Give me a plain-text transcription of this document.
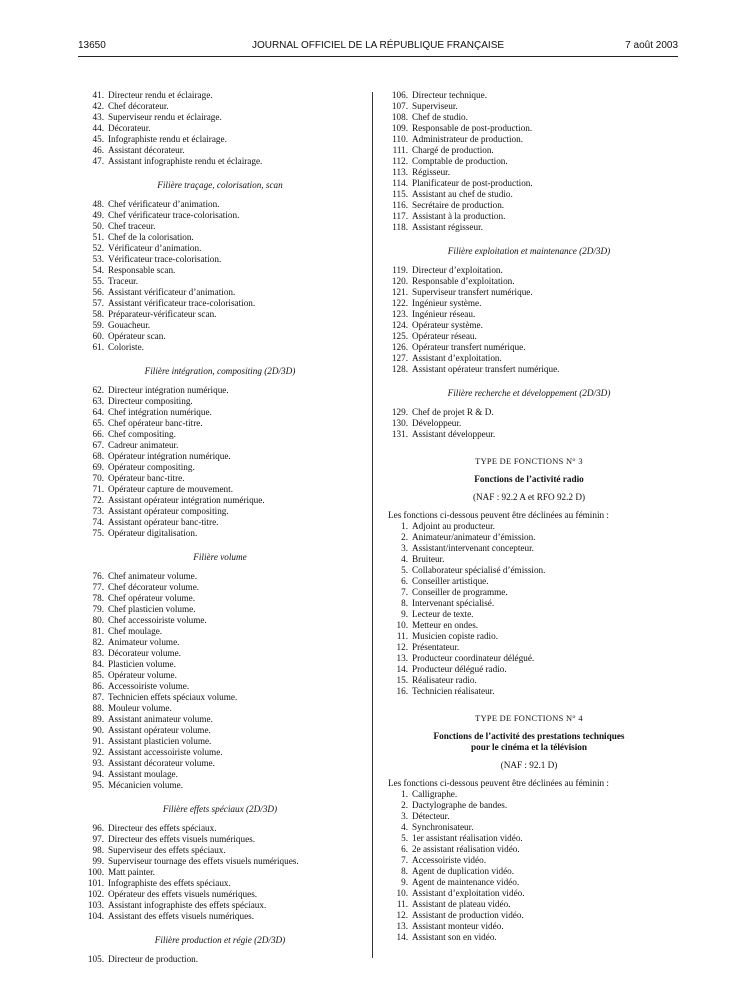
13650	JOURNAL OFFICIEL DE LA RÉPUBLIQUE FRANÇAISE	7 août 2003
41. Directeur rendu et éclairage.
42. Chef décorateur.
43. Superviseur rendu et éclairage.
44. Décorateur.
45. Infographiste rendu et éclairage.
46. Assistant décorateur.
47. Assistant infographiste rendu et éclairage.
Filière traçage, colorisation, scan
48. Chef vérificateur d’animation.
49. Chef vérificateur trace-colorisation.
50. Chef traceur.
51. Chef de la colorisation.
52. Vérificateur d’animation.
53. Vérificateur trace-colorisation.
54. Responsable scan.
55. Traceur.
56. Assistant vérificateur d’animation.
57. Assistant vérificateur trace-colorisation.
58. Préparateur-vérificateur scan.
59. Gouacheur.
60. Opérateur scan.
61. Coloriste.
Filière intégration, compositing (2D/3D)
62. Directeur intégration numérique.
63. Directeur compositing.
64. Chef intégration numérique.
65. Chef opérateur banc-titre.
66. Chef compositing.
67. Cadreur animateur.
68. Opérateur intégration numérique.
69. Opérateur compositing.
70. Opérateur banc-titre.
71. Opérateur capture de mouvement.
72. Assistant opérateur intégration numérique.
73. Assistant opérateur compositing.
74. Assistant opérateur banc-titre.
75. Opérateur digitalisation.
Filière volume
76. Chef animateur volume.
77. Chef décorateur volume.
78. Chef opérateur volume.
79. Chef plasticien volume.
80. Chef accessoiriste volume.
81. Chef moulage.
82. Animateur volume.
83. Décorateur volume.
84. Plasticien volume.
85. Opérateur volume.
86. Accessoiriste volume.
87. Technicien effets spéciaux volume.
88. Mouleur volume.
89. Assistant animateur volume.
90. Assistant opérateur volume.
91. Assistant plasticien volume.
92. Assistant accessoiriste volume.
93. Assistant décorateur volume.
94. Assistant moulage.
95. Mécanicien volume.
Filière effets spéciaux (2D/3D)
96. Directeur des effets spéciaux.
97. Directeur des effets visuels numériques.
98. Superviseur des effets spéciaux.
99. Superviseur tournage des effets visuels numériques.
100. Matt painter.
101. Infographiste des effets spéciaux.
102. Opérateur des effets visuels numériques.
103. Assistant infographiste des effets spéciaux.
104. Assistant des effets visuels numériques.
Filière production et régie (2D/3D)
105. Directeur de production.
106. Directeur technique.
107. Superviseur.
108. Chef de studio.
109. Responsable de post-production.
110. Administrateur de production.
111. Chargé de production.
112. Comptable de production.
113. Régisseur.
114. Planificateur de post-production.
115. Assistant au chef de studio.
116. Secrétaire de production.
117. Assistant à la production.
118. Assistant régisseur.
Filière exploitation et maintenance (2D/3D)
119. Directeur d’exploitation.
120. Responsable d’exploitation.
121. Superviseur transfert numérique.
122. Ingénieur système.
123. Ingénieur réseau.
124. Opérateur système.
125. Opérateur réseau.
126. Opérateur transfert numérique.
127. Assistant d’exploitation.
128. Assistant opérateur transfert numérique.
Filière recherche et développement (2D/3D)
129. Chef de projet R & D.
130. Développeur.
131. Assistant développeur.
TYPE DE FONCTIONS N° 3
Fonctions de l’activité radio
(NAF : 92.2 A et RFO 92.2 D)
Les fonctions ci-dessous peuvent être déclinées au féminin :
1. Adjoint au producteur.
2. Animateur/animateur d’émission.
3. Assistant/intervenant concepteur.
4. Bruiteur.
5. Collaborateur spécialisé d’émission.
6. Conseiller artistique.
7. Conseiller de programme.
8. Intervenant spécialisé.
9. Lecteur de texte.
10. Metteur en ondes.
11. Musicien copiste radio.
12. Présentateur.
13. Producteur coordinateur délégué.
14. Producteur délégué radio.
15. Réalisateur radio.
16. Technicien réalisateur.
TYPE DE FONCTIONS N° 4
Fonctions de l’activité des prestations techniques
pour le cinéma et la télévision
(NAF : 92.1 D)
Les fonctions ci-dessous peuvent être déclinées au féminin :
1. Calligraphe.
2. Dactylographe de bandes.
3. Détecteur.
4. Synchronisateur.
5. 1er assistant réalisation vidéo.
6. 2e assistant réalisation vidéo.
7. Accessoiriste vidéo.
8. Agent de duplication vidéo.
9. Agent de maintenance vidéo.
10. Assistant d’exploitation vidéo.
11. Assistant de plateau vidéo.
12. Assistant de production vidéo.
13. Assistant monteur vidéo.
14. Assistant son en vidéo.
